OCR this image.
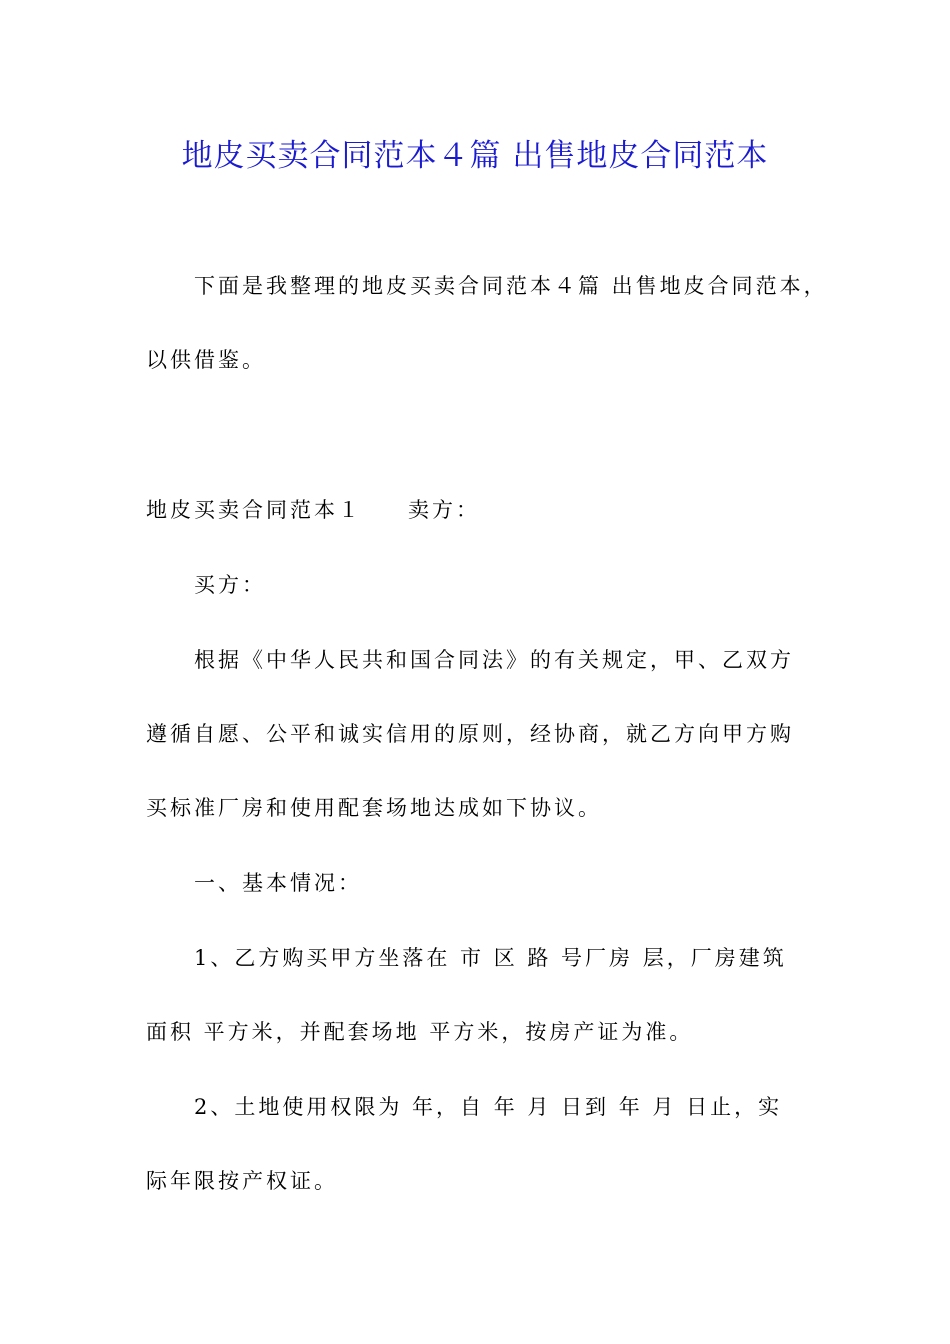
地皮买卖合同范本４篇 出售地皮合同范本
下面是我整理的地皮买卖合同范本４篇 出售地皮合同范本，
以供借鉴。
地皮买卖合同范本１ 卖方：
买方：
根据《中华人民共和国合同法》的有关规定，甲、乙双方
遵循自愿、公平和诚实信用的原则，经协商，就乙方向甲方购
买标准厂房和使用配套场地达成如下协议。
一、基本情况：
1、乙方购买甲方坐落在 市 区 路 号厂房 层，厂房建筑
面积 平方米，并配套场地 平方米，按房产证为准。
2、土地使用权限为 年，自 年 月 日到 年 月 日止，实
际年限按产权证。
